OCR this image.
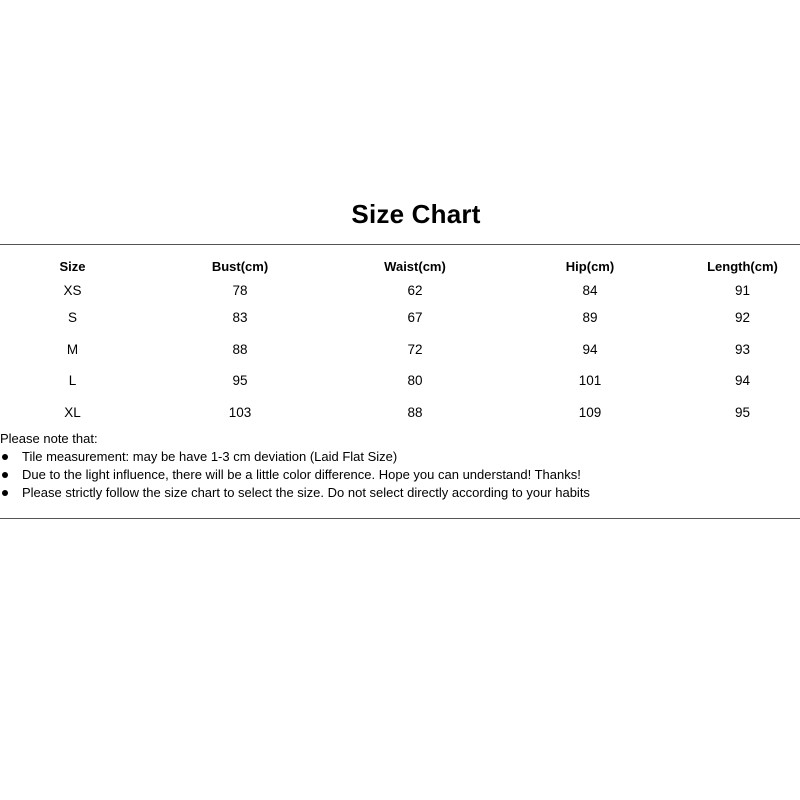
Size Chart
Size	Bust(cm)	Waist(cm)	Hip(cm)	Length(cm)
XS	78	62	84	91
S	83	67	89	92
M	88	72	94	93
L	95	80	101	94
XL	103	88	109	95
Please note that:
Tile measurement: may be have 1-3 cm deviation (Laid Flat Size)
Due to the light influence, there will be a little color difference. Hope you can understand! Thanks!
Please strictly follow the size chart to select the size. Do not select directly according to your habits
